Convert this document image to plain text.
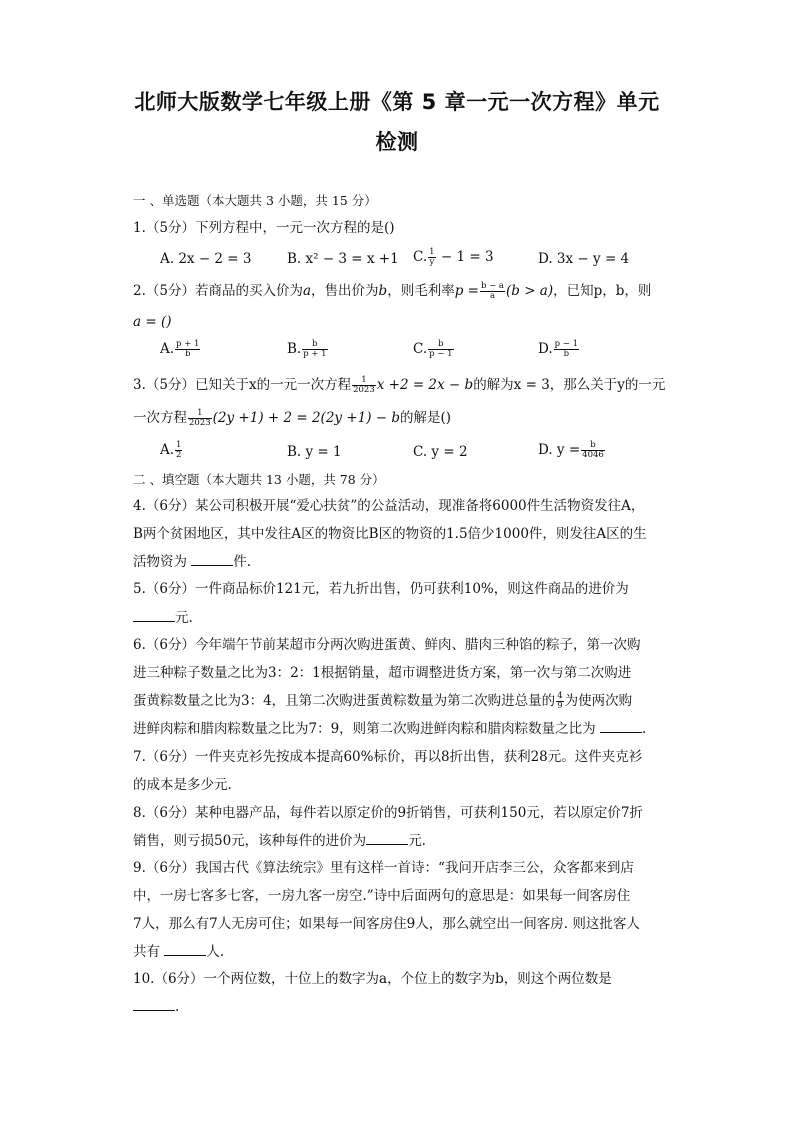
北师大版数学七年级上册《第 5 章一元一次方程》单元
检测
一 、单选题（本大题共 3 小题，共 15 分）
1.（5分）下列方程中，一元一次方程的是()
A. 2x − 2 = 3	B. x² − 3 = x +1 C. $\frac{1}{y} - 1 = 3$	D. 3x − y = 4
2.（5分）若商品的买入价为a，售出价为b，则毛利率$p = \frac{b - a}{a} (b > a)$，已知p，b，则
a = ()
A. $\frac{p + 1}{b}$	B. $\frac{b}{p + 1}$	C. $\frac{b}{p - 1}$	D. $\frac{p - 1}{b}$
3.（5分）已知关于x的一元一次方程 $\frac{1}{2023}$ x +2 = 2x − b的解为x = 3，那么关于y的一元
一次方程 $\frac{1}{2023} (2y +1) + 2 = 2(2y +1) - b$的解是()
A. $\frac{1}{2}$	B. y = 1	C. y = 2	D. $y = \frac{b}{4046}$
二 、填空题（本大题共 13 小题，共 78 分）
4.（6分）某公司积极开展“爱心扶贫”的公益活动，现准备将6000件生活物资发往A，
B两个贫困地区，其中发往A区的物资比B区的物资的1.5倍少1000件，则发往A区的生
活物资为	件.
5.（6分）一件商品标价121元，若九折出售，仍可获利10%，则这件商品的进价为
元.
6.（6分）今年端午节前某超市分两次购进蛋黄、鲜肉、腊肉三种馅的粽子，第一次购
进三种粽子数量之比为3：2：1根据销量，超市调整进货方案，第一次与第二次购进
蛋黄粽数量之比为3：4，且第二次购进蛋黄粽数量为第二次购进总量的 $\frac{4}{9}$ 为使两次购
进鲜肉粽和腊肉粽数量之比为7：9，则第二次购进鲜肉粽和腊肉粽数量之比为	.
7.（6分）一件夹克衫先按成本提高60%标价，再以8折出售，获利28元。这件夹克衫
的成本是多少元.
8.（6分）某种电器产品，每件若以原定价的9折销售，可获利150元，若以原定价7折
销售，则亏损50元，该种每件的进价为	元.
9.（6分）我国古代《算法统宗》里有这样一首诗：“我问开店李三公，众客都来到店
中，一房七客多七客，一房九客一房空.”诗中后面两句的意思是：如果每一间客房住
7人，那么有7人无房可住；如果每一间客房住9人，那么就空出一间客房. 则这批客人
共有	人.
10.（6分）一个两位数，十位上的数字为a，个位上的数字为b，则这个两位数是
.
